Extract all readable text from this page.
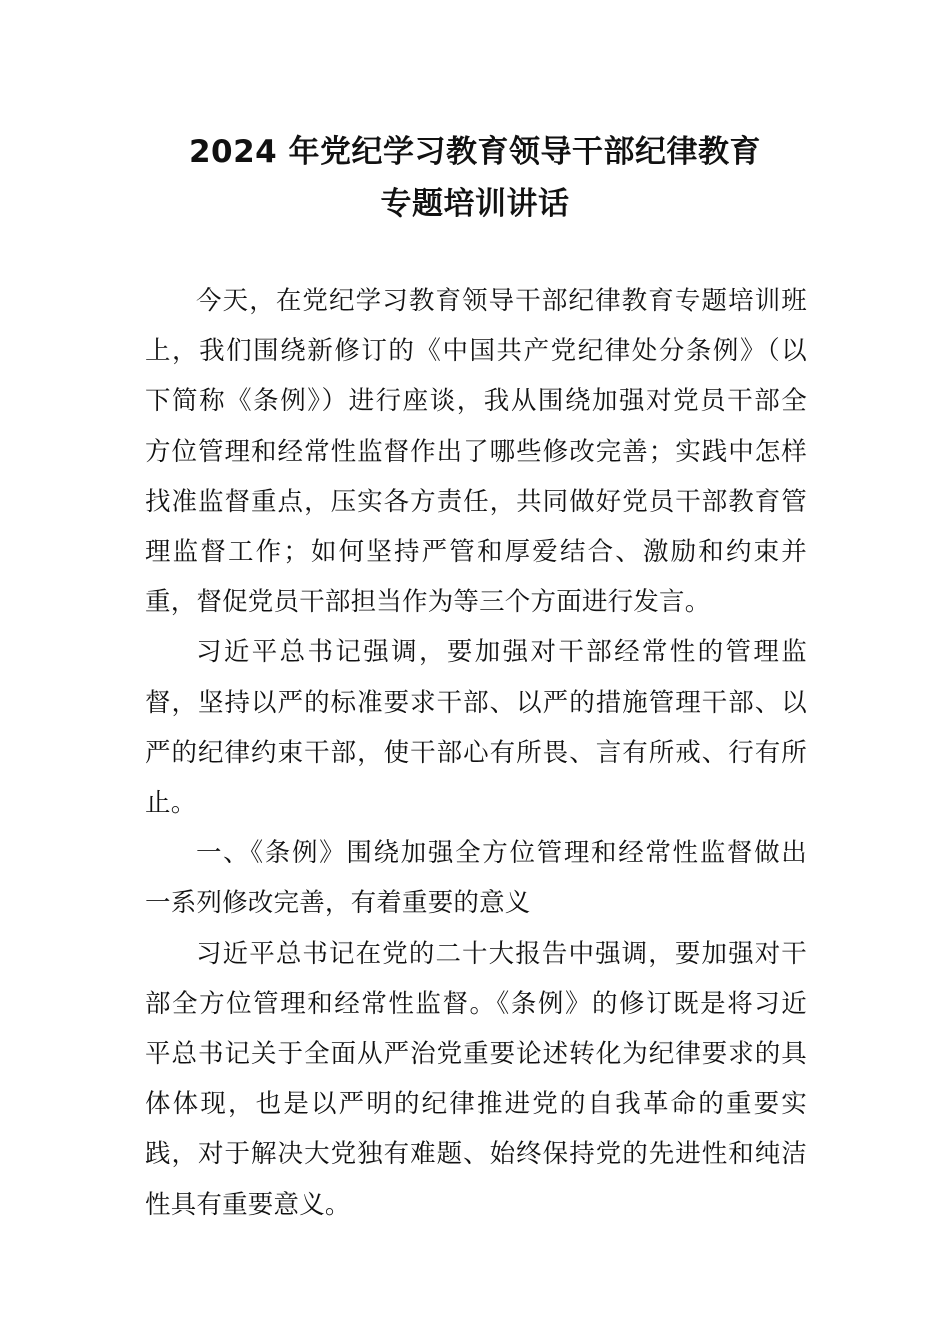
2024 年党纪学习教育领导干部纪律教育
专题培训讲话

今天，在党纪学习教育领导干部纪律教育专题培训班
上，我们围绕新修订的《中国共产党纪律处分条例》（以
下简称《条例》）进行座谈，我从围绕加强对党员干部全
方位管理和经常性监督作出了哪些修改完善；实践中怎样
找准监督重点，压实各方责任，共同做好党员干部教育管
理监督工作；如何坚持严管和厚爱结合、激励和约束并
重，督促党员干部担当作为等三个方面进行发言。

习近平总书记强调，要加强对干部经常性的管理监
督，坚持以严的标准要求干部、以严的措施管理干部、以
严的纪律约束干部，使干部心有所畏、言有所戒、行有所
止。

一、《条例》围绕加强全方位管理和经常性监督做出
一系列修改完善，有着重要的意义

习近平总书记在党的二十大报告中强调，要加强对干
部全方位管理和经常性监督。《条例》的修订既是将习近
平总书记关于全面从严治党重要论述转化为纪律要求的具
体体现，也是以严明的纪律推进党的自我革命的重要实
践，对于解决大党独有难题、始终保持党的先进性和纯洁
性具有重要意义。
